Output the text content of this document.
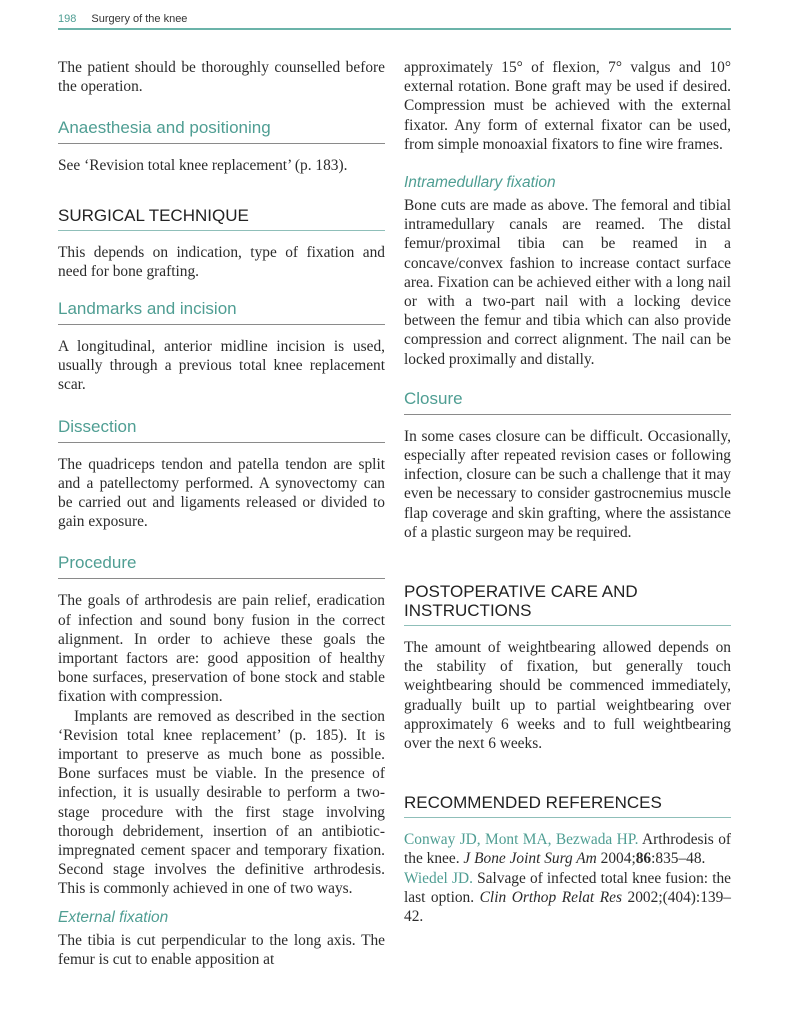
198 Surgery of the knee

The patient should be thoroughly counselled before the operation.

Anaesthesia and positioning

See ‘Revision total knee replacement’ (p. 183).

SURGICAL TECHNIQUE

This depends on indication, type of fixation and need for bone grafting.

Landmarks and incision

A longitudinal, anterior midline incision is used, usually through a previous total knee replacement scar.

Dissection

The quadriceps tendon and patella tendon are split and a patellectomy performed. A synovectomy can be carried out and ligaments released or divided to gain exposure.

Procedure

The goals of arthrodesis are pain relief, eradication of infection and sound bony fusion in the correct alignment. In order to achieve these goals the important factors are: good apposition of healthy bone surfaces, preservation of bone stock and stable fixation with compression.

Implants are removed as described in the section ‘Revision total knee replacement’ (p. 185). It is important to preserve as much bone as possible. Bone surfaces must be viable. In the presence of infection, it is usually desirable to perform a two-stage procedure with the first stage involving thorough debridement, insertion of an antibiotic-impregnated cement spacer and temporary fixation. Second stage involves the definitive arthrodesis. This is commonly achieved in one of two ways.

External fixation

The tibia is cut perpendicular to the long axis. The femur is cut to enable apposition at

approximately 15° of flexion, 7° valgus and 10° external rotation. Bone graft may be used if desired. Compression must be achieved with the external fixator. Any form of external fixator can be used, from simple monoaxial fixators to fine wire frames.

Intramedullary fixation

Bone cuts are made as above. The femoral and tibial intramedullary canals are reamed. The distal femur/proximal tibia can be reamed in a concave/convex fashion to increase contact surface area. Fixation can be achieved either with a long nail or with a two-part nail with a locking device between the femur and tibia which can also provide compression and correct alignment. The nail can be locked proximally and distally.

Closure

In some cases closure can be difficult. Occasionally, especially after repeated revision cases or following infection, closure can be such a challenge that it may even be necessary to consider gastrocnemius muscle flap coverage and skin grafting, where the assistance of a plastic surgeon may be required.

POSTOPERATIVE CARE AND INSTRUCTIONS

The amount of weightbearing allowed depends on the stability of fixation, but generally touch weightbearing should be commenced immediately, gradually built up to partial weightbearing over approximately 6 weeks and to full weightbearing over the next 6 weeks.

RECOMMENDED REFERENCES

Conway JD, Mont MA, Bezwada HP. Arthrodesis of the knee. J Bone Joint Surg Am 2004;86:835–48.

Wiedel JD. Salvage of infected total knee fusion: the last option. Clin Orthop Relat Res 2002;(404):139–42.
